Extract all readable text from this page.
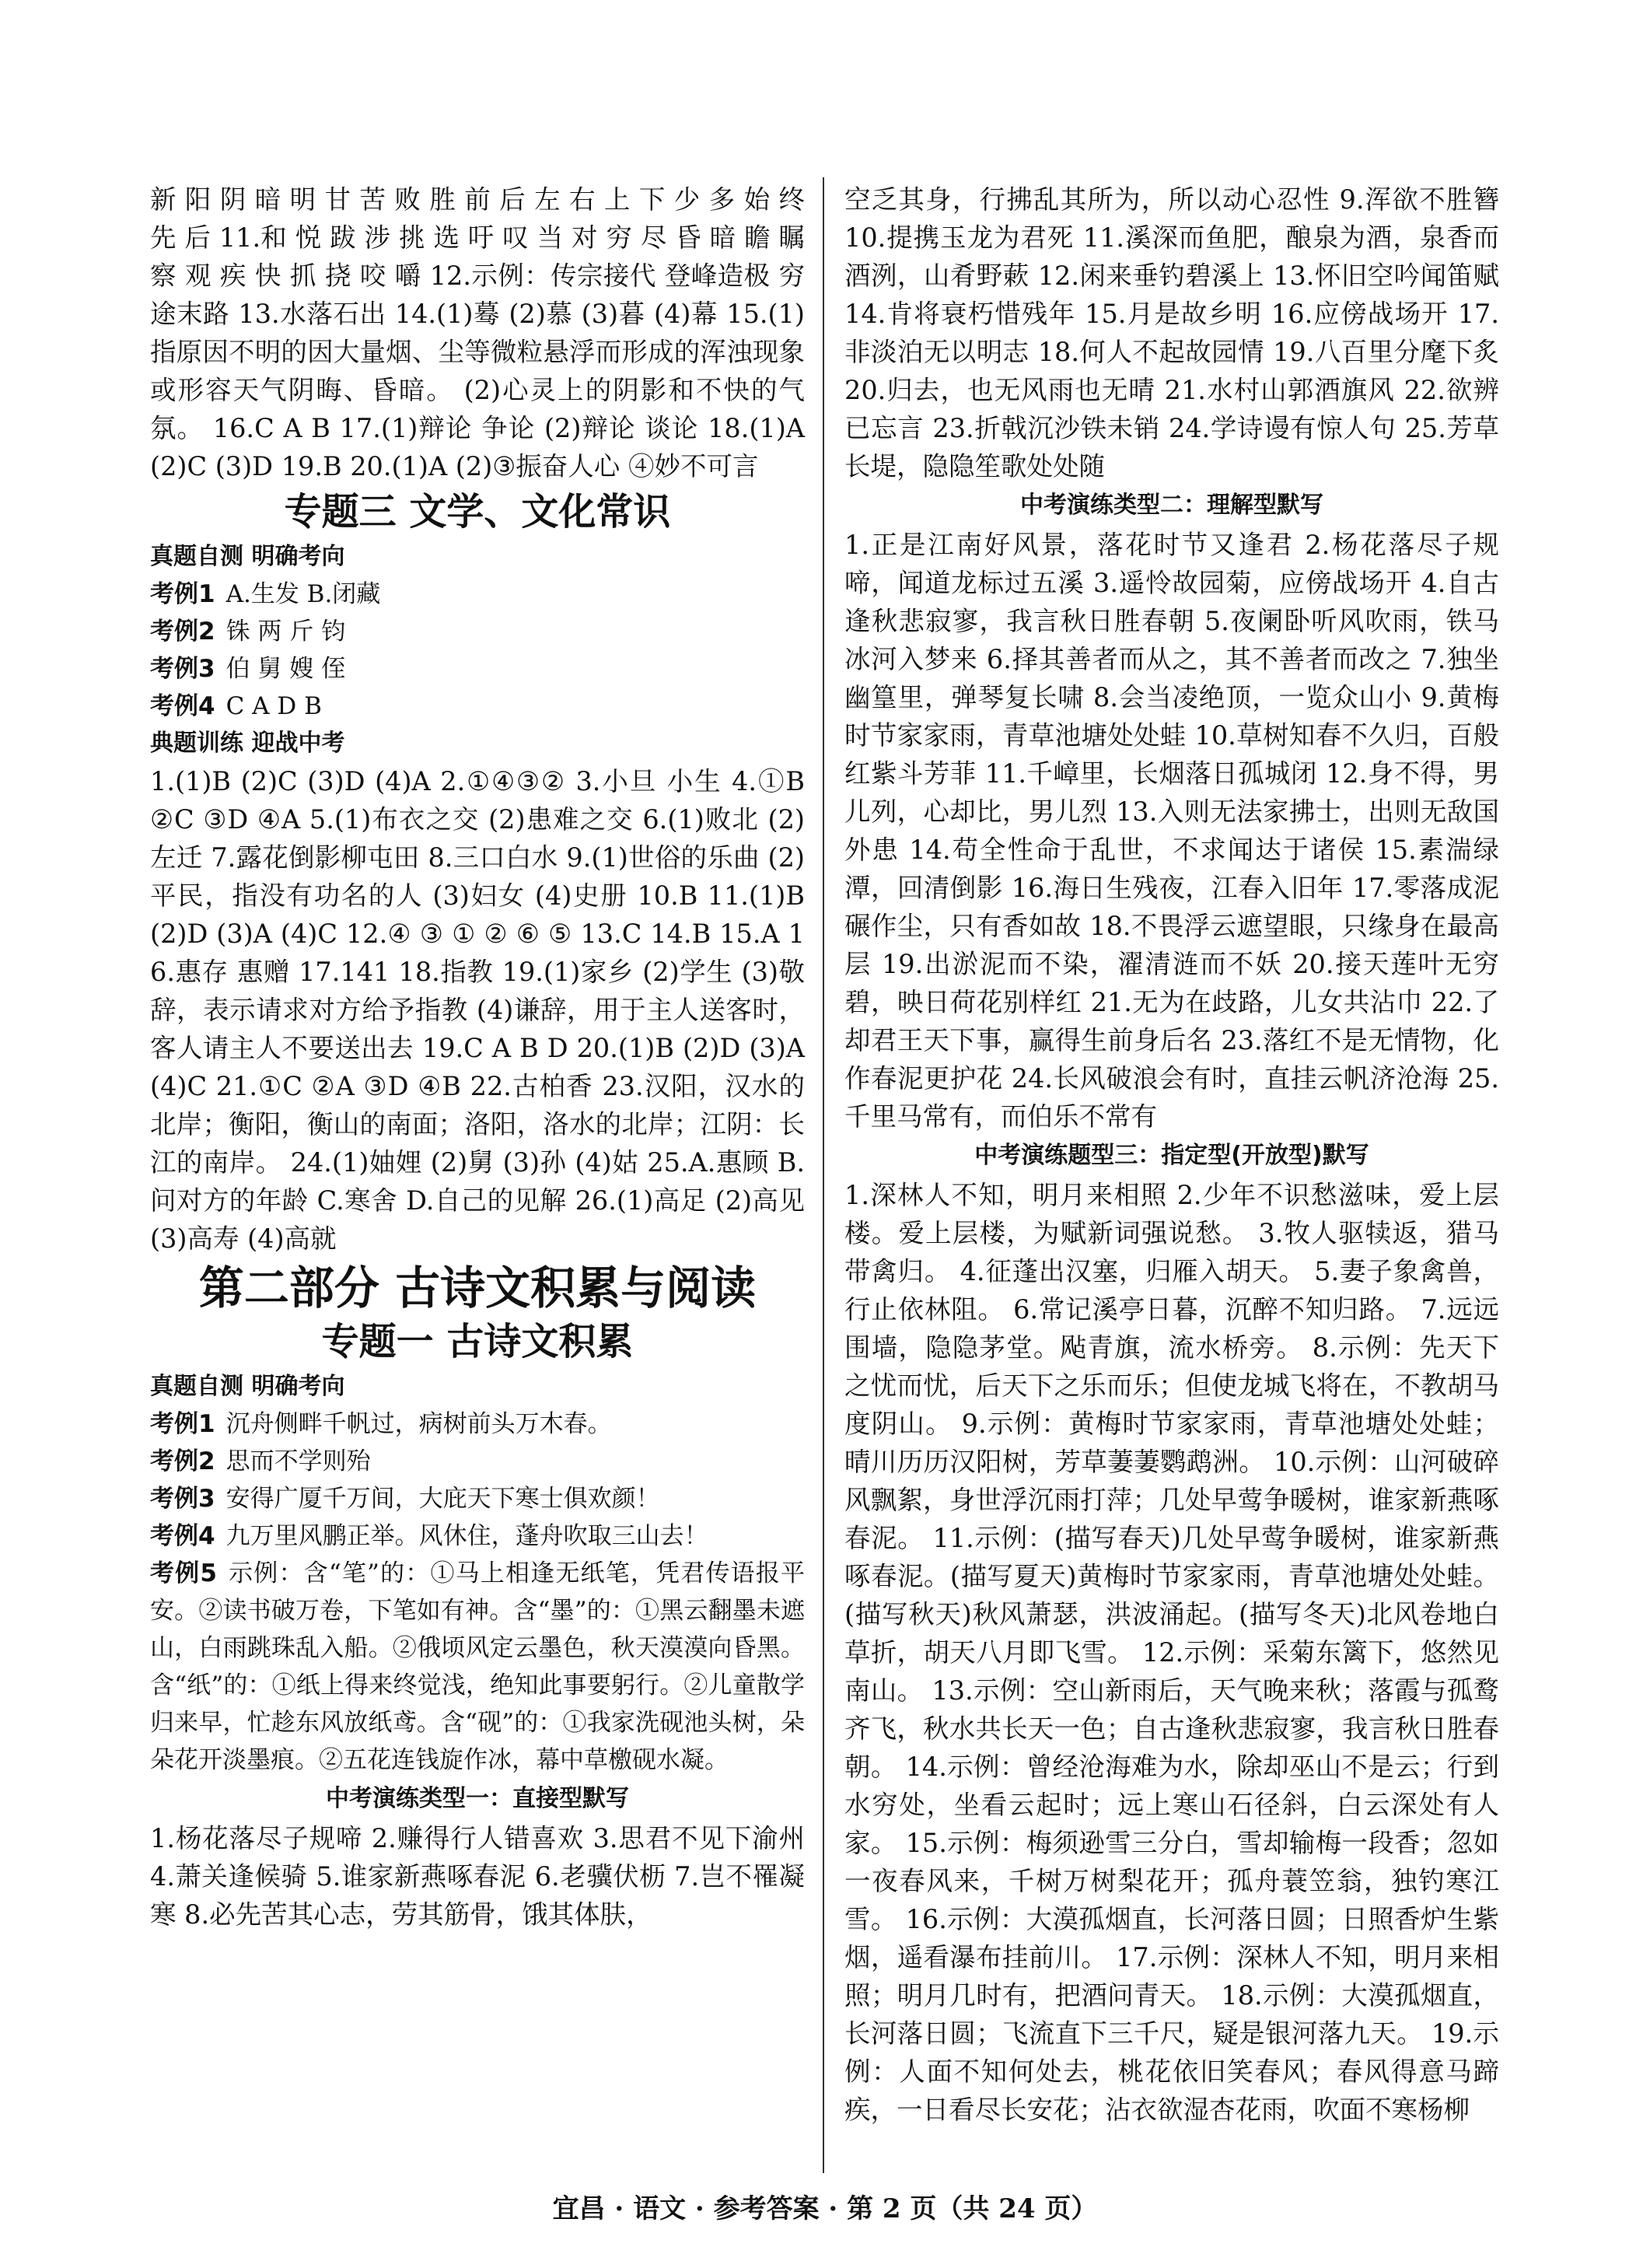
新 阳 阴 暗 明 甘 苦 败 胜 前 后 左 右 上 下 少 多 始 终 先 后 11.和 悦 跋 涉 挑 选 吁 叹 当 对 穷 尽 昏 暗 瞻 瞩 察 观 疾 快 抓 挠 咬 嚼 12.示例：传宗接代 登峰造极 穷途末路 13.水落石出 14.(1)蓦 (2)慕 (3)暮 (4)幕 15.(1)指原因不明的因大量烟、尘等微粒悬浮而形成的浑浊现象或形容天气阴晦、昏暗。 (2)心灵上的阴影和不快的气氛。 16.C A B 17.(1)辩论 争论 (2)辩论 谈论 18.(1)A (2)C (3)D 19.B 20.(1)A (2)③振奋人心 ④妙不可言

专题三 文学、文化常识
真题自测 明确考向
考例1 A.生发 B.闭藏
考例2 铢 两 斤 钧
考例3 伯 舅 嫂 侄
考例4 C A D B
典题训练 迎战中考

1.(1)B (2)C (3)D (4)A 2.①④③② 3.小旦 小生 4.①B ②C ③D ④A 5.(1)布衣之交 (2)患难之交 6.(1)败北 (2)左迁 7.露花倒影柳屯田 8.三口白水 9.(1)世俗的乐曲 (2)平民，指没有功名的人 (3)妇女 (4)史册 10.B 11.(1)B (2)D (3)A (4)C 12.④ ③ ① ② ⑥ ⑤ 13.C 14.B 15.A 16.惠存 惠赠 17.141 18.指教 19.(1)家乡 (2)学生 (3)敬辞，表示请求对方给予指教 (4)谦辞，用于主人送客时，客人请主人不要送出去 19.C A B D 20.(1)B (2)D (3)A (4)C 21.①C ②A ③D ④B 22.古柏香 23.汉阳，汉水的北岸；衡阳，衡山的南面；洛阳，洛水的北岸；江阴：长江的南岸。 24.(1)妯娌 (2)舅 (3)孙 (4)姑 25.A.惠顾 B.问对方的年龄 C.寒舍 D.自己的见解 26.(1)高足 (2)高见 (3)高寿 (4)高就

第二部分 古诗文积累与阅读
专题一 古诗文积累
真题自测 明确考向
考例1 沉舟侧畔千帆过，病树前头万木春。
考例2 思而不学则殆
考例3 安得广厦千万间，大庇天下寒士俱欢颜！
考例4 九万里风鹏正举。风休住，蓬舟吹取三山去！
考例5 示例：含“笔”的：①马上相逢无纸笔，凭君传语报平安。②读书破万卷，下笔如有神。含“墨”的：①黑云翻墨未遮山，白雨跳珠乱入船。②俄顷风定云墨色，秋天漠漠向昏黑。含“纸”的：①纸上得来终觉浅，绝知此事要躬行。②儿童散学归来早，忙趁东风放纸鸢。含“砚”的：①我家洗砚池头树，朵朵花开淡墨痕。②五花连钱旋作冰，幕中草檄砚水凝。
中考演练类型一：直接型默写

1.杨花落尽子规啼 2.赚得行人错喜欢 3.思君不见下渝州 4.萧关逢候骑 5.谁家新燕啄春泥 6.老骥伏枥 7.岂不罹凝寒 8.必先苦其心志，劳其筋骨，饿其体肤，

空乏其身，行拂乱其所为，所以动心忍性 9.浑欲不胜簪 10.提携玉龙为君死 11.溪深而鱼肥，酿泉为酒，泉香而酒洌，山肴野蔌 12.闲来垂钓碧溪上 13.怀旧空吟闻笛赋 14.肯将衰朽惜残年 15.月是故乡明 16.应傍战场开 17.非淡泊无以明志 18.何人不起故园情 19.八百里分麾下炙 20.归去，也无风雨也无晴 21.水村山郭酒旗风 22.欲辨已忘言 23.折戟沉沙铁未销 24.学诗谩有惊人句 25.芳草长堤，隐隐笙歌处处随

中考演练类型二：理解型默写

1.正是江南好风景，落花时节又逢君 2.杨花落尽子规啼，闻道龙标过五溪 3.遥怜故园菊，应傍战场开 4.自古逢秋悲寂寥，我言秋日胜春朝 5.夜阑卧听风吹雨，铁马冰河入梦来 6.择其善者而从之，其不善者而改之 7.独坐幽篁里，弹琴复长啸 8.会当凌绝顶，一览众山小 9.黄梅时节家家雨，青草池塘处处蛙 10.草树知春不久归，百般红紫斗芳菲 11.千嶂里，长烟落日孤城闭 12.身不得，男儿列，心却比，男儿烈 13.入则无法家拂士，出则无敌国外患 14.苟全性命于乱世，不求闻达于诸侯 15.素湍绿潭，回清倒影 16.海日生残夜，江春入旧年 17.零落成泥碾作尘，只有香如故 18.不畏浮云遮望眼，只缘身在最高层 19.出淤泥而不染，濯清涟而不妖 20.接天莲叶无穷碧，映日荷花别样红 21.无为在歧路，儿女共沾巾 22.了却君王天下事，赢得生前身后名 23.落红不是无情物，化作春泥更护花 24.长风破浪会有时，直挂云帆济沧海 25.千里马常有，而伯乐不常有

中考演练题型三：指定型(开放型)默写

1.深林人不知，明月来相照 2.少年不识愁滋味，爱上层楼。爱上层楼，为赋新词强说愁。 3.牧人驱犊返，猎马带禽归。 4.征蓬出汉塞，归雁入胡天。 5.妻子象禽兽，行止依林阻。 6.常记溪亭日暮，沉醉不知归路。 7.远远围墙，隐隐茅堂。飐青旗，流水桥旁。 8.示例：先天下之忧而忧，后天下之乐而乐；但使龙城飞将在，不教胡马度阴山。 9.示例：黄梅时节家家雨，青草池塘处处蛙；晴川历历汉阳树，芳草萋萋鹦鹉洲。 10.示例：山河破碎风飘絮，身世浮沉雨打萍；几处早莺争暖树，谁家新燕啄春泥。 11.示例：(描写春天)几处早莺争暖树，谁家新燕啄春泥。(描写夏天)黄梅时节家家雨，青草池塘处处蛙。(描写秋天)秋风萧瑟，洪波涌起。(描写冬天)北风卷地白草折，胡天八月即飞雪。 12.示例：采菊东篱下，悠然见南山。 13.示例：空山新雨后，天气晚来秋；落霞与孤鹜齐飞，秋水共长天一色；自古逢秋悲寂寥，我言秋日胜春朝。 14.示例：曾经沧海难为水，除却巫山不是云；行到水穷处，坐看云起时；远上寒山石径斜，白云深处有人家。 15.示例：梅须逊雪三分白，雪却输梅一段香；忽如一夜春风来，千树万树梨花开；孤舟蓑笠翁，独钓寒江雪。 16.示例：大漠孤烟直，长河落日圆；日照香炉生紫烟，遥看瀑布挂前川。 17.示例：深林人不知，明月来相照；明月几时有，把酒问青天。 18.示例：大漠孤烟直，长河落日圆；飞流直下三千尺，疑是银河落九天。 19.示例：人面不知何处去，桃花依旧笑春风；春风得意马蹄疾，一日看尽长安花；沾衣欲湿杏花雨，吹面不寒杨柳

宜昌 · 语文 · 参考答案 · 第 2 页（共 24 页）
